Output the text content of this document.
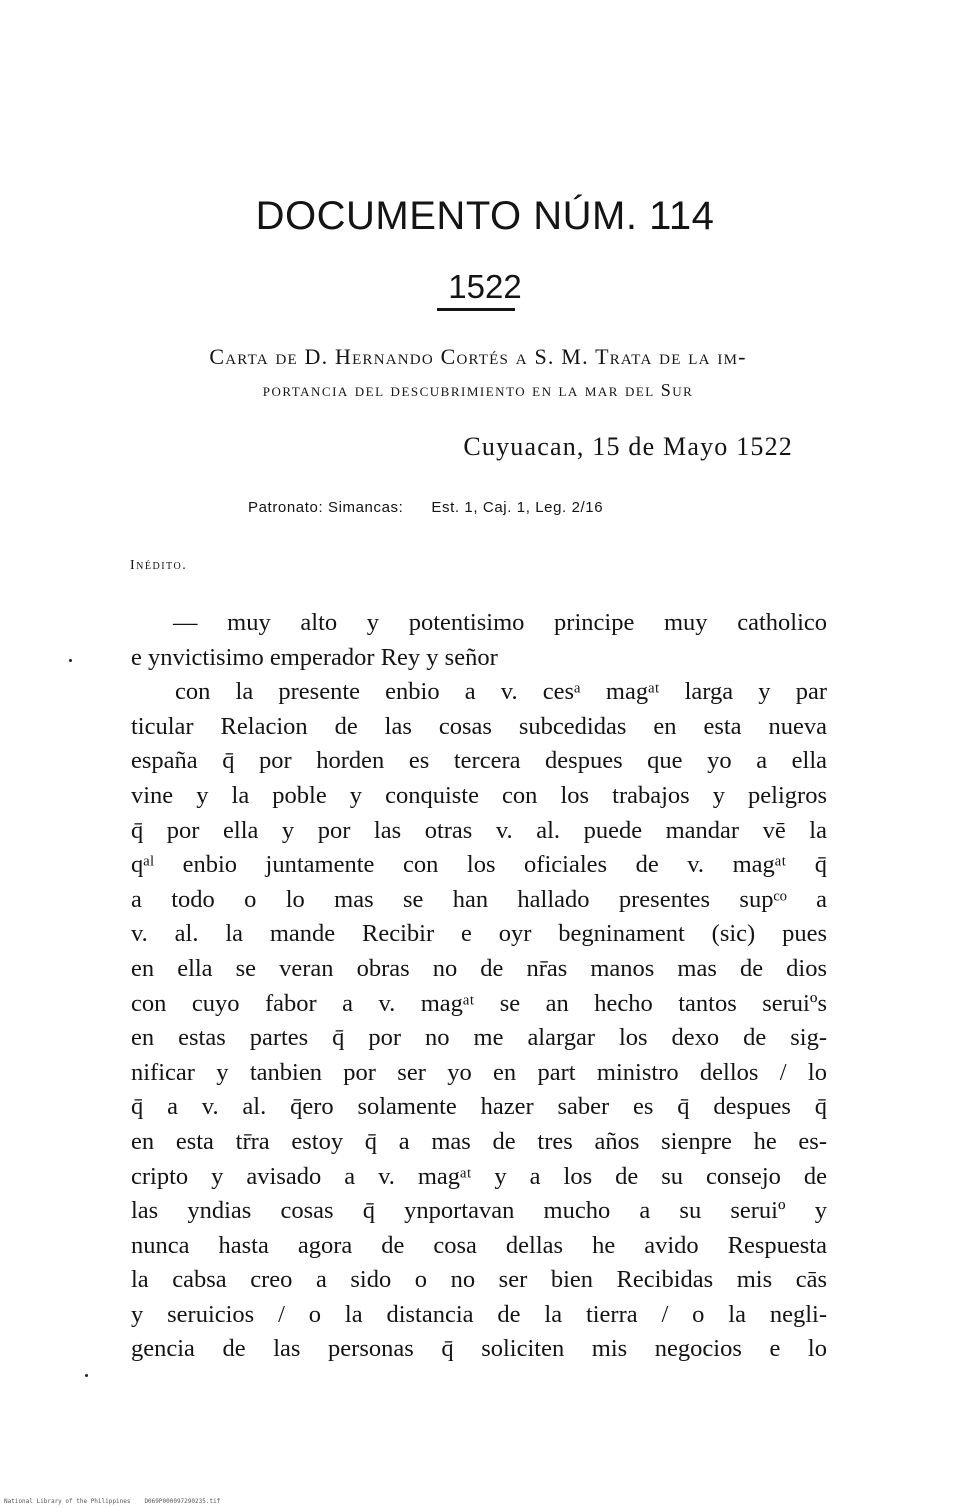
DOCUMENTO NÚM. 114
1522
Carta de D. Hernando Cortés a S. M. Trata de la im-
portancia del descubrimiento en la mar del Sur
Cuyuacan, 15 de Mayo 1522
Patronato: Simancas: Est. 1, Caj. 1, Leg. 2/16
Inédito.
— muy alto y potentisimo principe muy catholico
e ynvictisimo emperador Rey y señor
con la presente enbio a v. cesᵃ magᵃᵗ larga y par
ticular Relacion de las cosas subcedidas en esta nueva
españa q̄ por horden es tercera despues que yo a ella
vine y la poble y conquiste con los trabajos y peligros
q̄ por ella y por las otras v. al. puede mandar vē la
qᵃˡ enbio juntamente con los oficiales de v. magᵃᵗ q̄
a todo o lo mas se han hallado presentes supᶜᵒ a
v. al. la mande Recibir e oyr begninament (sic) pues
en ella se veran obras no de nr̄as manos mas de dios
con cuyo fabor a v. magᵃᵗ se an hecho tantos seruiºs
en estas partes q̄ por no me alargar los dexo de sig-
nificar y tanbien por ser yo en part ministro dellos / lo
q̄ a v. al. q̄ero solamente hazer saber es q̄ despues q̄
en esta tr̄ra estoy q̄ a mas de tres años sienpre he es-
cripto y avisado a v. magᵃᵗ y a los de su consejo de
las yndias cosas q̄ ynportavan mucho a su seruiº y
nunca hasta agora de cosa dellas he avido Respuesta
la cabsa creo a sido o no ser bien Recibidas mis cās
y seruicios / o la distancia de la tierra / o la negli-
gencia de las personas q̄ soliciten mis negocios e lo
National Library of the Philippines D069P000097290235.tif
